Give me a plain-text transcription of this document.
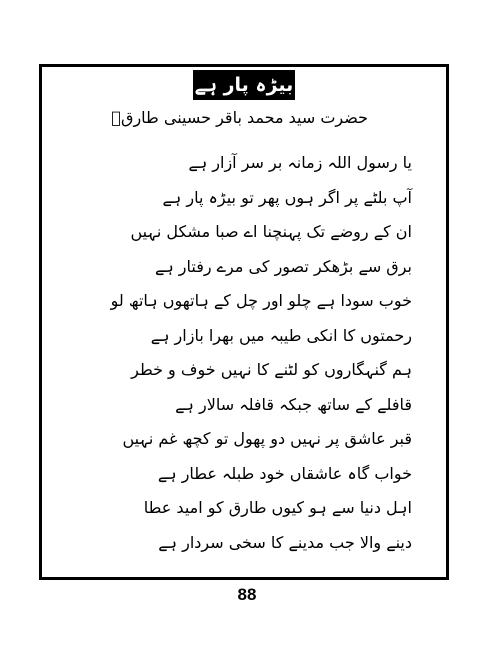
بیڑہ پار ہے
حضرت سید محمد باقر حسینی طارقؔ
یا رسول اللہ زمانہ بر سر آزار ہے
آپ بلٹے پر اگر ہوں پھر تو بیڑہ پار ہے
ان کے روضے تک پہنچنا اے صبا مشکل نہیں
برق سے بڑھکر تصور کی مرے رفتار ہے
خوب سودا ہے چلو اور چل کے ہاتھوں ہاتھ لو
رحمتوں کا انکی طیبہ میں بھرا بازار ہے
ہم گنہگاروں کو لٹنے کا نہیں خوف و خطر
قافلے کے ساتھ جبکہ قافلہ سالار ہے
قبر عاشق پر نہیں دو پھول تو کچھ غم نہیں
خواب گاہ عاشقاں خود طبلہ عطار ہے
اہل دنیا سے ہو کیوں طارق کو امید عطا
دینے والا جب مدینے کا سخی سردار ہے
88
